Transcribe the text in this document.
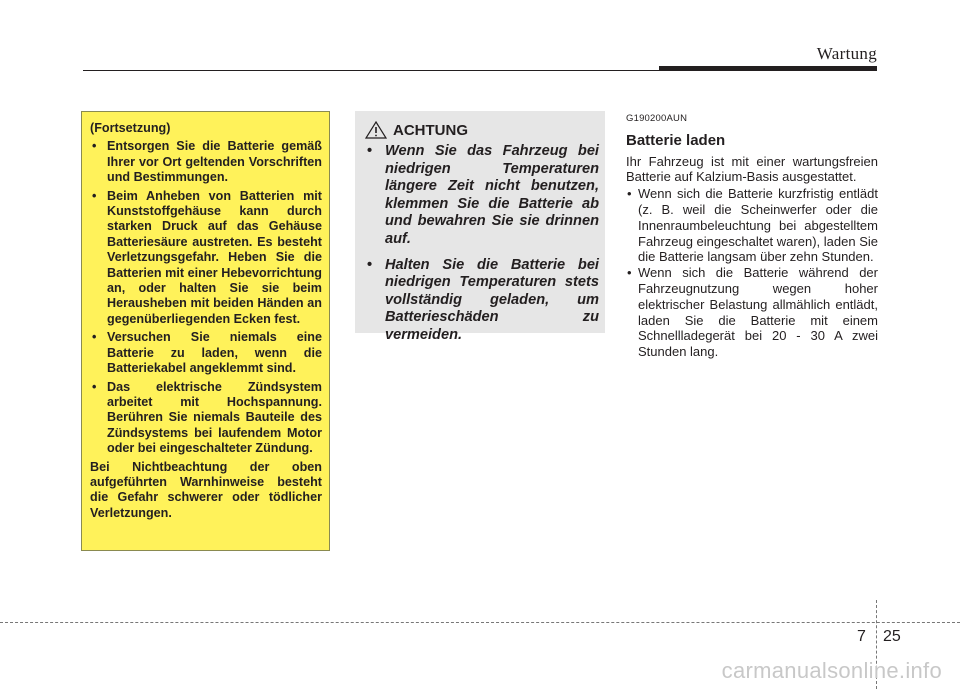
Wartung
(Fortsetzung)
• Entsorgen Sie die Batterie gemäß Ihrer vor Ort geltenden Vorschriften und Bestimmungen.
• Beim Anheben von Batterien mit Kunststoffgehäuse kann durch starken Druck auf das Gehäuse Batteriesäure austreten. Es besteht Verletzungsgefahr. Heben Sie die Batterien mit einer Hebevorrichtung an, oder halten Sie sie beim Herausheben mit beiden Händen an gegenüberliegenden Ecken fest.
• Versuchen Sie niemals eine Batterie zu laden, wenn die Batteriekabel angeklemmt sind.
• Das elektrische Zündsystem arbeitet mit Hochspannung. Berühren Sie niemals Bauteile des Zündsystems bei laufendem Motor oder bei eingeschalteter Zündung.
Bei Nichtbeachtung der oben aufgeführten Warnhinweise besteht die Gefahr schwerer oder tödlicher Verletzungen.
ACHTUNG
• Wenn Sie das Fahrzeug bei niedrigen Temperaturen längere Zeit nicht benutzen, klemmen Sie die Batterie ab und bewahren Sie sie drinnen auf.
• Halten Sie die Batterie bei niedrigen Temperaturen stets vollständig geladen, um Batterieschäden zu vermeiden.
G190200AUN
Batterie laden

Ihr Fahrzeug ist mit einer wartungsfreien Batterie auf Kalzium-Basis ausgestattet.

• Wenn sich die Batterie kurzfristig entlädt (z. B. weil die Scheinwerfer oder die Innenraumbeleuchtung bei abgestelltem Fahrzeug eingeschaltet waren), laden Sie die Batterie langsam über zehn Stunden.
• Wenn sich die Batterie während der Fahrzeugnutzung wegen hoher elektrischer Belastung allmählich entlädt, laden Sie die Batterie mit einem Schnellladegerät bei 20 - 30 A zwei Stunden lang.
7 25
carmanualsonline.info
